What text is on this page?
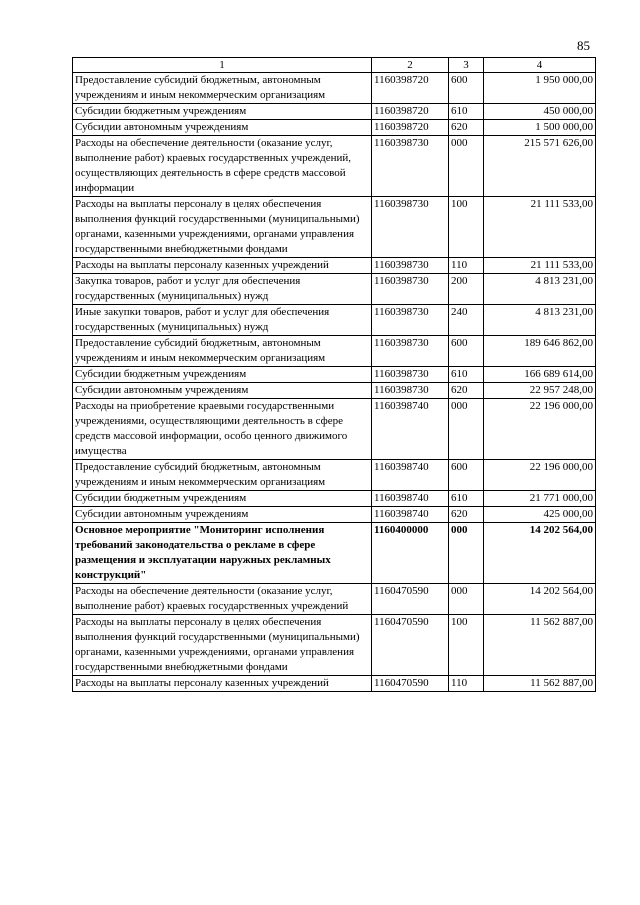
85
1	2	3	4
Предоставление субсидий бюджетным, автономным учреждениям и иным некоммерческим организациям	1160398720	600	1 950 000,00
Субсидии бюджетным учреждениям	1160398720	610	450 000,00
Субсидии автономным учреждениям	1160398720	620	1 500 000,00
Расходы на обеспечение деятельности (оказание услуг, выполнение работ) краевых государственных учреждений, осуществляющих деятельность в сфере средств массовой информации	1160398730	000	215 571 626,00
Расходы на выплаты персоналу в целях обеспечения выполнения функций государственными (муниципальными) органами, казенными учреждениями, органами управления государственными внебюджетными фондами	1160398730	100	21 111 533,00
Расходы на выплаты персоналу казенных учреждений	1160398730	110	21 111 533,00
Закупка товаров, работ и услуг для обеспечения государственных (муниципальных) нужд	1160398730	200	4 813 231,00
Иные закупки товаров, работ и услуг для обеспечения государственных (муниципальных) нужд	1160398730	240	4 813 231,00
Предоставление субсидий бюджетным, автономным учреждениям и иным некоммерческим организациям	1160398730	600	189 646 862,00
Субсидии бюджетным учреждениям	1160398730	610	166 689 614,00
Субсидии автономным учреждениям	1160398730	620	22 957 248,00
Расходы на приобретение краевыми государственными учреждениями, осуществляющими деятельность в сфере средств массовой информации, особо ценного движимого имущества	1160398740	000	22 196 000,00
Предоставление субсидий бюджетным, автономным учреждениям и иным некоммерческим организациям	1160398740	600	22 196 000,00
Субсидии бюджетным учреждениям	1160398740	610	21 771 000,00
Субсидии автономным учреждениям	1160398740	620	425 000,00
Основное мероприятие "Мониторинг исполнения требований законодательства о рекламе в сфере размещения и эксплуатации наружных рекламных конструкций"	1160400000	000	14 202 564,00
Расходы на обеспечение деятельности (оказание услуг, выполнение работ) краевых государственных учреждений	1160470590	000	14 202 564,00
Расходы на выплаты персоналу в целях обеспечения выполнения функций государственными (муниципальными) органами, казенными учреждениями, органами управления государственными внебюджетными фондами	1160470590	100	11 562 887,00
Расходы на выплаты персоналу казенных учреждений	1160470590	110	11 562 887,00
